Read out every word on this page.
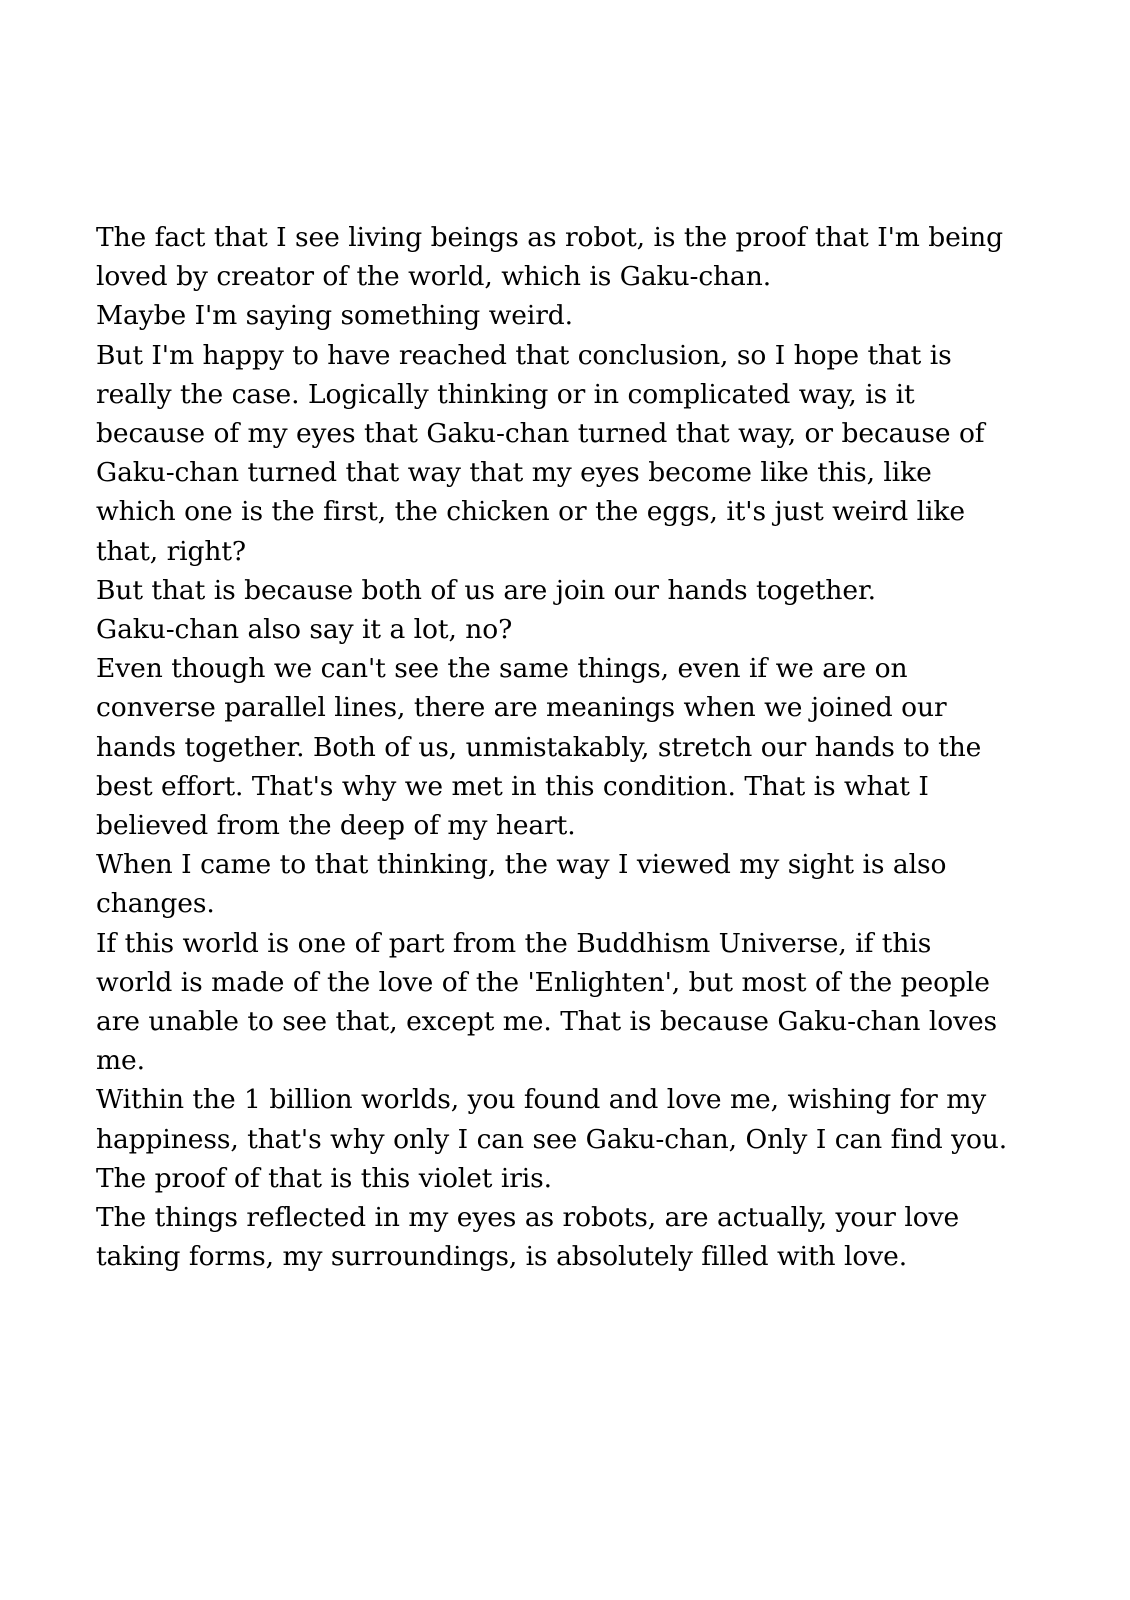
The fact that I see living beings as robot, is the proof that I'm being loved by creator of the world, which is Gaku-chan.

Maybe I'm saying something weird.

But I'm happy to have reached that conclusion, so I hope that is really the case. Logically thinking or in complicated way, is it because of my eyes that Gaku-chan turned that way, or because of Gaku-chan turned that way that my eyes become like this, like which one is the first, the chicken or the eggs, it's just weird like that, right?

But that is because both of us are join our hands together.

Gaku-chan also say it a lot, no?

Even though we can't see the same things, even if we are on converse parallel lines, there are meanings when we joined our hands together. Both of us, unmistakably, stretch our hands to the best effort. That's why we met in this condition. That is what I believed from the deep of my heart.

When I came to that thinking, the way I viewed my sight is also changes.

If this world is one of part from the Buddhism Universe, if this world is made of the love of the 'Enlighten', but most of the people are unable to see that, except me. That is because Gaku-chan loves me.

Within the 1 billion worlds, you found and love me, wishing for my happiness, that's why only I can see Gaku-chan, Only I can find you.

The proof of that is this violet iris.

The things reflected in my eyes as robots, are actually, your love taking forms, my surroundings, is absolutely filled with love.
